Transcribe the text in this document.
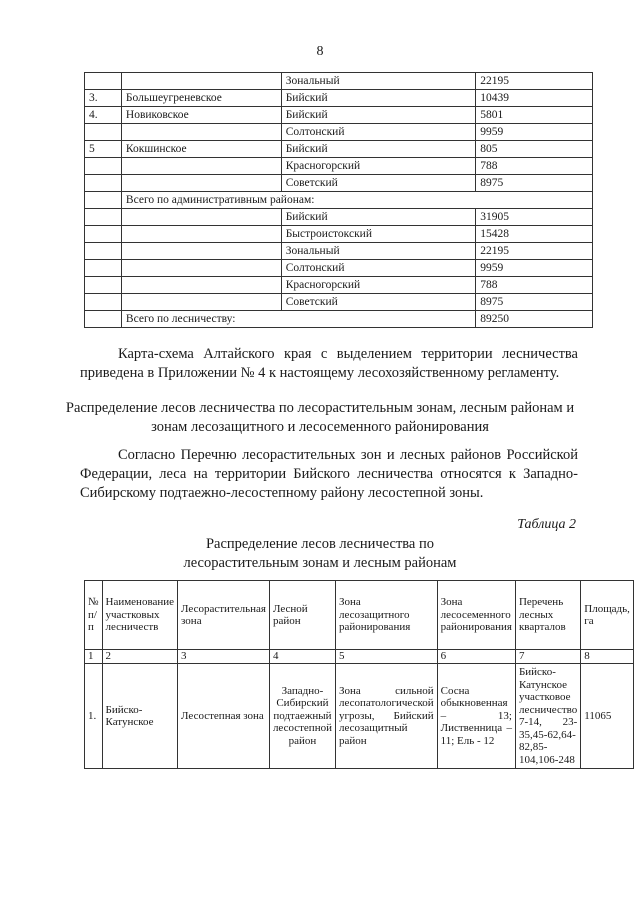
8
		Зональный	22195
3.	Большеугреневское	Бийский	10439
4.	Новиковское	Бийский	5801
		Солтонский	9959
5	Кокшинское	Бийский	805
		Красногорский	788
		Советский	8975
	Всего по административным районам:		
		Бийский	31905
		Быстроистокский	15428
		Зональный	22195
		Солтонский	9959
		Красногорский	788
		Советский	8975
	Всего по лесничеству:		89250

Карта-схема Алтайского края с выделением территории лесничества приведена в Приложении № 4 к настоящему лесохозяйственному регламенту.

Распределение лесов лесничества по лесорастительным зонам, лесным районам и зонам лесозащитного и лесосеменного районирования

Согласно Перечню лесорастительных зон и лесных районов Российской Федерации, леса на территории Бийского лесничества относятся к Западно-Сибирскому подтаежно-лесостепному району лесостепной зоны.

Таблица 2

Распределение лесов лесничества по лесорастительным зонам и лесным районам

№ п/п	Наименование участковых лесничеств	Лесорастительная зона	Лесной район	Зона лесозащитного районирования	Зона лесосеменного районирования	Перечень лесных кварталов	Площадь, га
1	2	3	4	5	6	7	8
1.	Бийско-Катунское	Лесостепная зона	Западно-Сибирский подтаежный лесостепной район	Зона сильной лесопатологической угрозы, Бийский лесозащитный район	Сосна обыкновенная – 13; Лиственница – 11; Ель - 12	Бийско-Катунское участковое лесничество 7-14, 23-35,45-62,64-82,85-104,106-248	11065
